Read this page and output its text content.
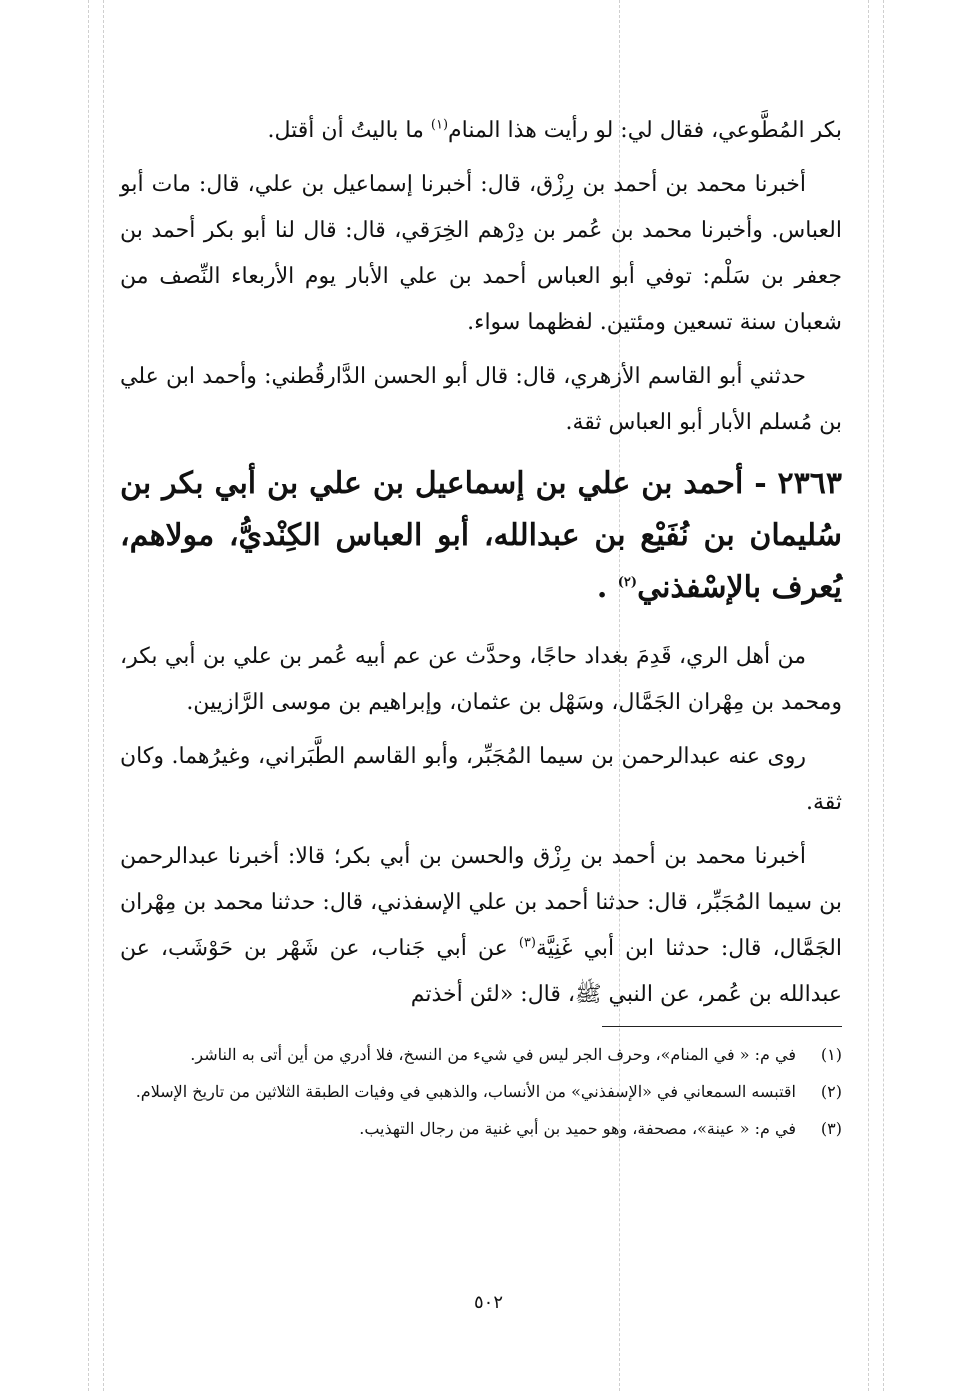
بكر المُطَّوعي، فقال لي: لو رأيت هذا المنام$^{(١)}$ ما باليتُ أن أقتل.

أخبرنا محمد بن أحمد بن رِزْق، قال: أخبرنا إسماعيل بن علي، قال: مات أبو العباس. وأخبرنا محمد بن عُمر بن دِرْهم الخِرَقي، قال: قال لنا أبو بكر أحمد بن جعفر بن سَلْم: توفي أبو العباس أحمد بن علي الأبار يوم الأربعاء النِّصف من شعبان سنة تسعين ومئتين. لفظهما سواء.

حدثني أبو القاسم الأزهري، قال: قال أبو الحسن الدَّارقُطني: وأحمد ابن علي بن مُسلم الأبار أبو العباس ثقة.

٢٣٦٣ - أحمد بن علي بن إسماعيل بن علي بن أبي بكر بن سُليمان بن نُفَيْع بن عبدالله، أبو العباس الكِنْديُّ، مولاهم، يُعرف بالإسْفذني$^{(٢)}$ .

من أهل الري، قَدِمَ بغداد حاجًا، وحدَّث عن عم أبيه عُمر بن علي بن أبي بكر، ومحمد بن مِهْران الجَمَّال، وسَهْل بن عثمان، وإبراهيم بن موسى الرَّازيين.

روى عنه عبدالرحمن بن سيما المُجَبِّر، وأبو القاسم الطَّبَراني، وغيرُهما. وكان ثقة.

أخبرنا محمد بن أحمد بن رِزْق والحسن بن أبي بكر؛ قالا: أخبرنا عبدالرحمن بن سيما المُجَبِّر، قال: حدثنا أحمد بن علي الإسفذني، قال: حدثنا محمد بن مِهْران الجَمَّال، قال: حدثنا ابن أبي غَنِيَّة$^{(٣)}$ عن أبي جَناب، عن شَهْر بن حَوْشَب، عن عبدالله بن عُمر، عن النبي ﷺ، قال: «لئن أخذتم

(١)
في م: « في المنام»، وحرف الجر ليس في شيء من النسخ، فلا أدري من أين أتى به الناشر.
(٢)
اقتبسه السمعاني في «الإسفذني» من الأنساب، والذهبي في وفيات الطبقة الثلاثين من تاريخ الإسلام.
(٣)
في م: « عينة»، مصحفة، وهو حميد بن أبي غنية من رجال التهذيب.
٥٠٢
